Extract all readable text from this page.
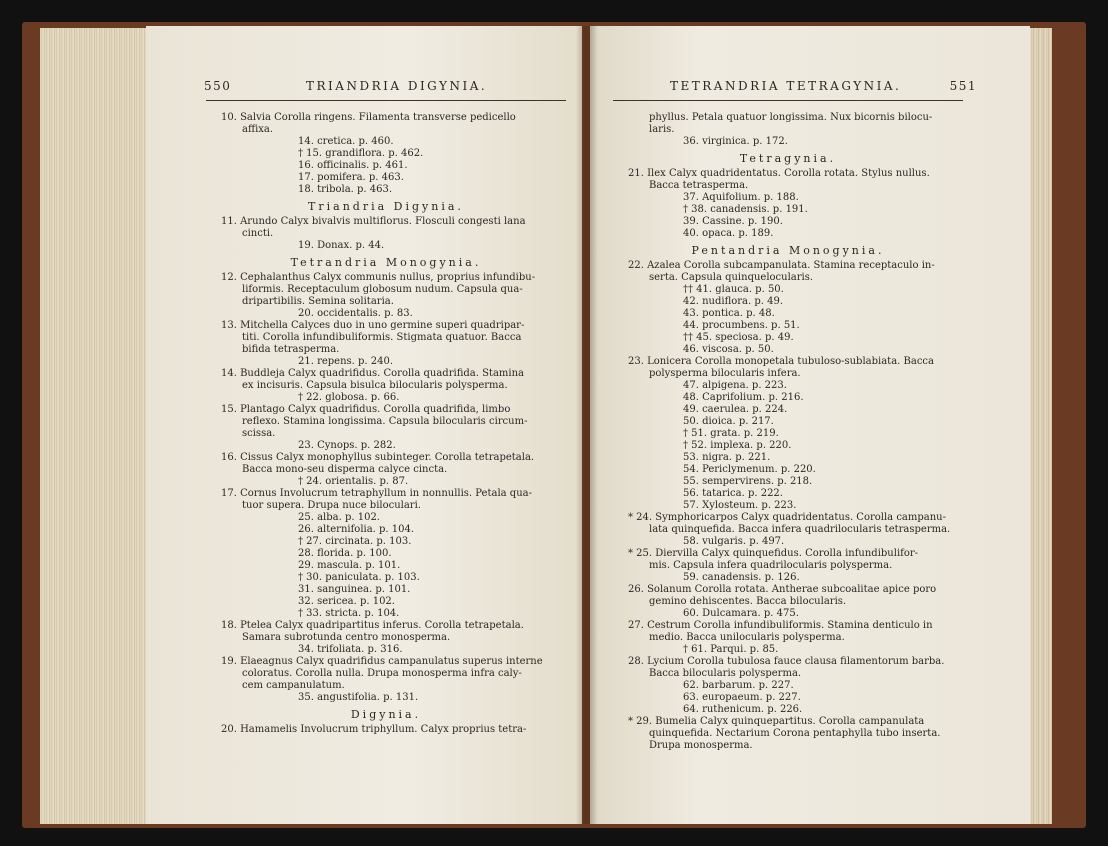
550	TRIANDRIA DIGYNIA.
10. Salvia Corolla ringens. Filamenta transverse pedicello
affixa.
14. cretica. p. 460.
† 15. grandiflora. p. 462.
16. officinalis. p. 461.
17. pomifera. p. 463.
18. tribola. p. 463.
Triandria Digynia.
11. Arundo Calyx bivalvis multiflorus. Flosculi congesti lana
cincti.
19. Donax. p. 44.
Tetrandria Monogynia.
12. Cephalanthus Calyx communis nullus, proprius infundibu-
liformis. Receptaculum globosum nudum. Capsula qua-
dripartibilis. Semina solitaria.
20. occidentalis. p. 83.
13. Mitchella Calyces duo in uno germine superi quadripar-
titi. Corolla infundibuliformis. Stigmata quatuor. Bacca
bifida tetrasperma.
21. repens. p. 240.
14. Buddleja Calyx quadrifidus. Corolla quadrifida. Stamina
ex incisuris. Capsula bisulca bilocularis polysperma.
† 22. globosa. p. 66.
15. Plantago Calyx quadrifidus. Corolla quadrifida, limbo
reflexo. Stamina longissima. Capsula bilocularis circum-
scissa.
23. Cynops. p. 282.
16. Cissus Calyx monophyllus subinteger. Corolla tetrapetala.
Bacca mono-seu disperma calyce cincta.
† 24. orientalis. p. 87.
17. Cornus Involucrum tetraphyllum in nonnullis. Petala qua-
tuor supera. Drupa nuce biloculari.
25. alba. p. 102.
26. alternifolia. p. 104.
† 27. circinata. p. 103.
28. florida. p. 100.
29. mascula. p. 101.
† 30. paniculata. p. 103.
31. sanguinea. p. 101.
32. sericea. p. 102.
† 33. stricta. p. 104.
18. Ptelea Calyx quadripartitus inferus. Corolla tetrapetala.
Samara subrotunda centro monosperma.
34. trifoliata. p. 316.
19. Elaeagnus Calyx quadrifidus campanulatus superus interne
coloratus. Corolla nulla. Drupa monosperma infra caly-
cem campanulatum.
35. angustifolia. p. 131.
Digynia.
20. Hamamelis Involucrum triphyllum. Calyx proprius tetra-
TETRANDRIA TETRAGYNIA.	551
phyllus. Petala quatuor longissima. Nux bicornis bilocu-
laris.
36. virginica. p. 172.
Tetragynia.
21. Ilex Calyx quadridentatus. Corolla rotata. Stylus nullus.
Bacca tetrasperma.
37. Aquifolium. p. 188.
† 38. canadensis. p. 191.
39. Cassine. p. 190.
40. opaca. p. 189.
Pentandria Monogynia.
22. Azalea Corolla subcampanulata. Stamina receptaculo in-
serta. Capsula quinquelocularis.
†† 41. glauca. p. 50.
42. nudiflora. p. 49.
43. pontica. p. 48.
44. procumbens. p. 51.
†† 45. speciosa. p. 49.
46. viscosa. p. 50.
23. Lonicera Corolla monopetala tubuloso-sublabiata. Bacca
polysperma bilocularis infera.
47. alpigena. p. 223.
48. Caprifolium. p. 216.
49. caerulea. p. 224.
50. dioica. p. 217.
† 51. grata. p. 219.
† 52. implexa. p. 220.
53. nigra. p. 221.
54. Periclymenum. p. 220.
55. sempervirens. p. 218.
56. tatarica. p. 222.
57. Xylosteum. p. 223.
* 24. Symphoricarpos Calyx quadridentatus. Corolla campanu-
lata quinquefida. Bacca infera quadrilocularis tetrasperma.
58. vulgaris. p. 497.
* 25. Diervilla Calyx quinquefidus. Corolla infundibulifor-
mis. Capsula infera quadrilocularis polysperma.
59. canadensis. p. 126.
26. Solanum Corolla rotata. Antherae subcoalitae apice poro
gemino dehiscentes. Bacca bilocularis.
60. Dulcamara. p. 475.
27. Cestrum Corolla infundibuliformis. Stamina denticulo in
medio. Bacca unilocularis polysperma.
† 61. Parqui. p. 85.
28. Lycium Corolla tubulosa fauce clausa filamentorum barba.
Bacca bilocularis polysperma.
62. barbarum. p. 227.
63. europaeum. p. 227.
64. ruthenicum. p. 226.
* 29. Bumelia Calyx quinquepartitus. Corolla campanulata
quinquefida. Nectarium Corona pentaphylla tubo inserta.
Drupa monosperma.
